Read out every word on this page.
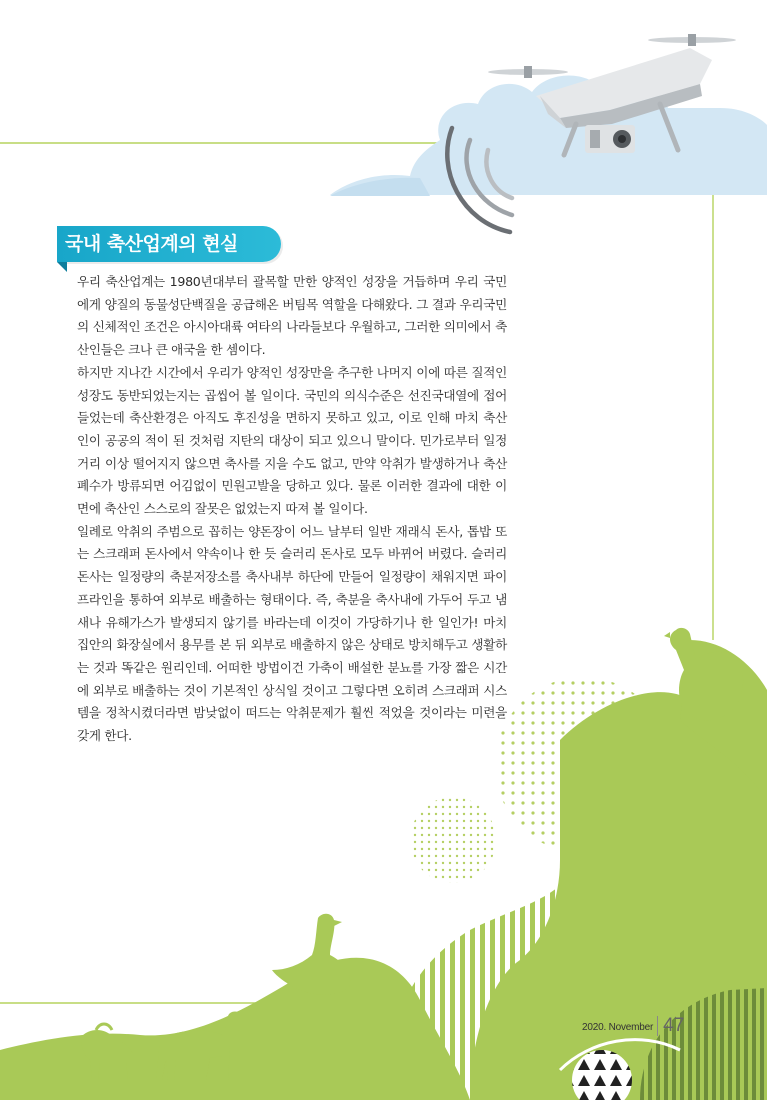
국내 축산업계의 현실

우리 축산업계는 1980년대부터 괄목할 만한 양적인 성장을 거듭하며 우리 국민에게 양질의 동물성단백질을 공급해온 버팀목 역할을 다해왔다. 그 결과 우리국민의 신체적인 조건은 아시아대륙 여타의 나라들보다 우월하고, 그러한 의미에서 축산인들은 크나 큰 애국을 한 셈이다.

하지만 지나간 시간에서 우리가 양적인 성장만을 추구한 나머지 이에 따른 질적인 성장도 동반되었는지는 곱씹어 볼 일이다. 국민의 의식수준은 선진국대열에 접어들었는데 축산환경은 아직도 후진성을 면하지 못하고 있고, 이로 인해 마치 축산인이 공공의 적이 된 것처럼 지탄의 대상이 되고 있으니 말이다. 민가로부터 일정거리 이상 떨어지지 않으면 축사를 지을 수도 없고, 만약 악취가 발생하거나 축산폐수가 방류되면 어김없이 민원고발을 당하고 있다. 물론 이러한 결과에 대한 이면에 축산인 스스로의 잘못은 없었는지 따져 볼 일이다.

일례로 악취의 주범으로 꼽히는 양돈장이 어느 날부터 일반 재래식 돈사, 톱밥 또는 스크래퍼 돈사에서 약속이나 한 듯 슬러리 돈사로 모두 바뀌어 버렸다. 슬러리 돈사는 일정량의 축분저장소를 축사내부 하단에 만들어 일정량이 채워지면 파이프라인을 통하여 외부로 배출하는 형태이다. 즉, 축분을 축사내에 가두어 두고 냄새나 유해가스가 발생되지 않기를 바라는데 이것이 가당하기나 한 일인가! 마치 집안의 화장실에서 용무를 본 뒤 외부로 배출하지 않은 상태로 방치해두고 생활하는 것과 똑같은 원리인데. 어떠한 방법이건 가축이 배설한 분뇨를 가장 짧은 시간에 외부로 배출하는 것이 기본적인 상식일 것이고 그렇다면 오히려 스크래퍼 시스템을 정착시켰더라면 밤낮없이 떠드는 악취문제가 훨씬 적었을 것이라는 미련을 갖게 한다.

2020. November 47
